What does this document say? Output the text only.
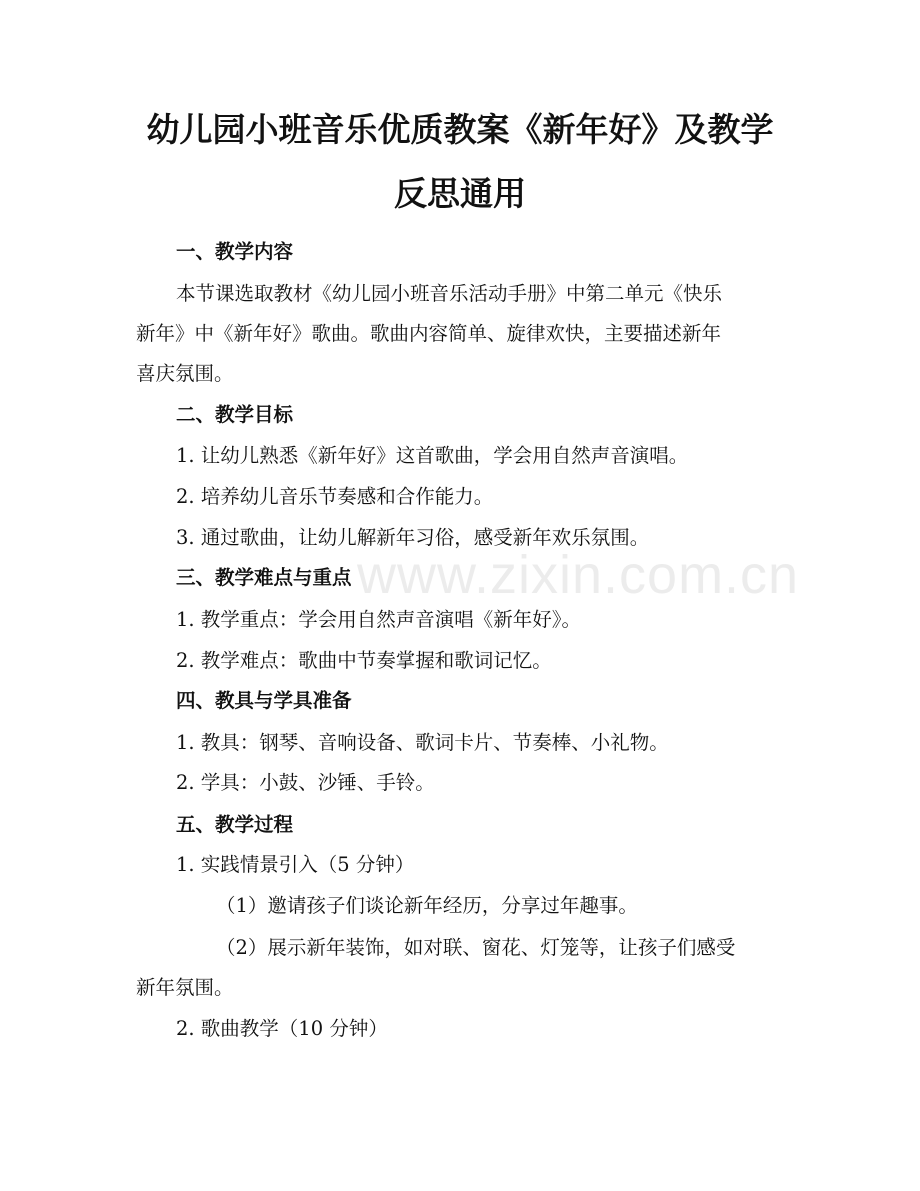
幼儿园小班音乐优质教案《新年好》及教学
反思通用
一、教学内容
本节课选取教材《幼儿园小班音乐活动手册》中第二单元《快乐
新年》中《新年好》歌曲。歌曲内容简单、旋律欢快，主要描述新年
喜庆氛围。
二、教学目标
1. 让幼儿熟悉《新年好》这首歌曲，学会用自然声音演唱。
2. 培养幼儿音乐节奏感和合作能力。
3. 通过歌曲，让幼儿解新年习俗，感受新年欢乐氛围。
三、教学难点与重点
1. 教学重点：学会用自然声音演唱《新年好》。
2. 教学难点：歌曲中节奏掌握和歌词记忆。
四、教具与学具准备
1. 教具：钢琴、音响设备、歌词卡片、节奏棒、小礼物。
2. 学具：小鼓、沙锤、手铃。
五、教学过程
1. 实践情景引入（5 分钟）
（1）邀请孩子们谈论新年经历，分享过年趣事。
（2）展示新年装饰，如对联、窗花、灯笼等，让孩子们感受
新年氛围。
2. 歌曲教学（10 分钟）
www.zixin.com.cn
